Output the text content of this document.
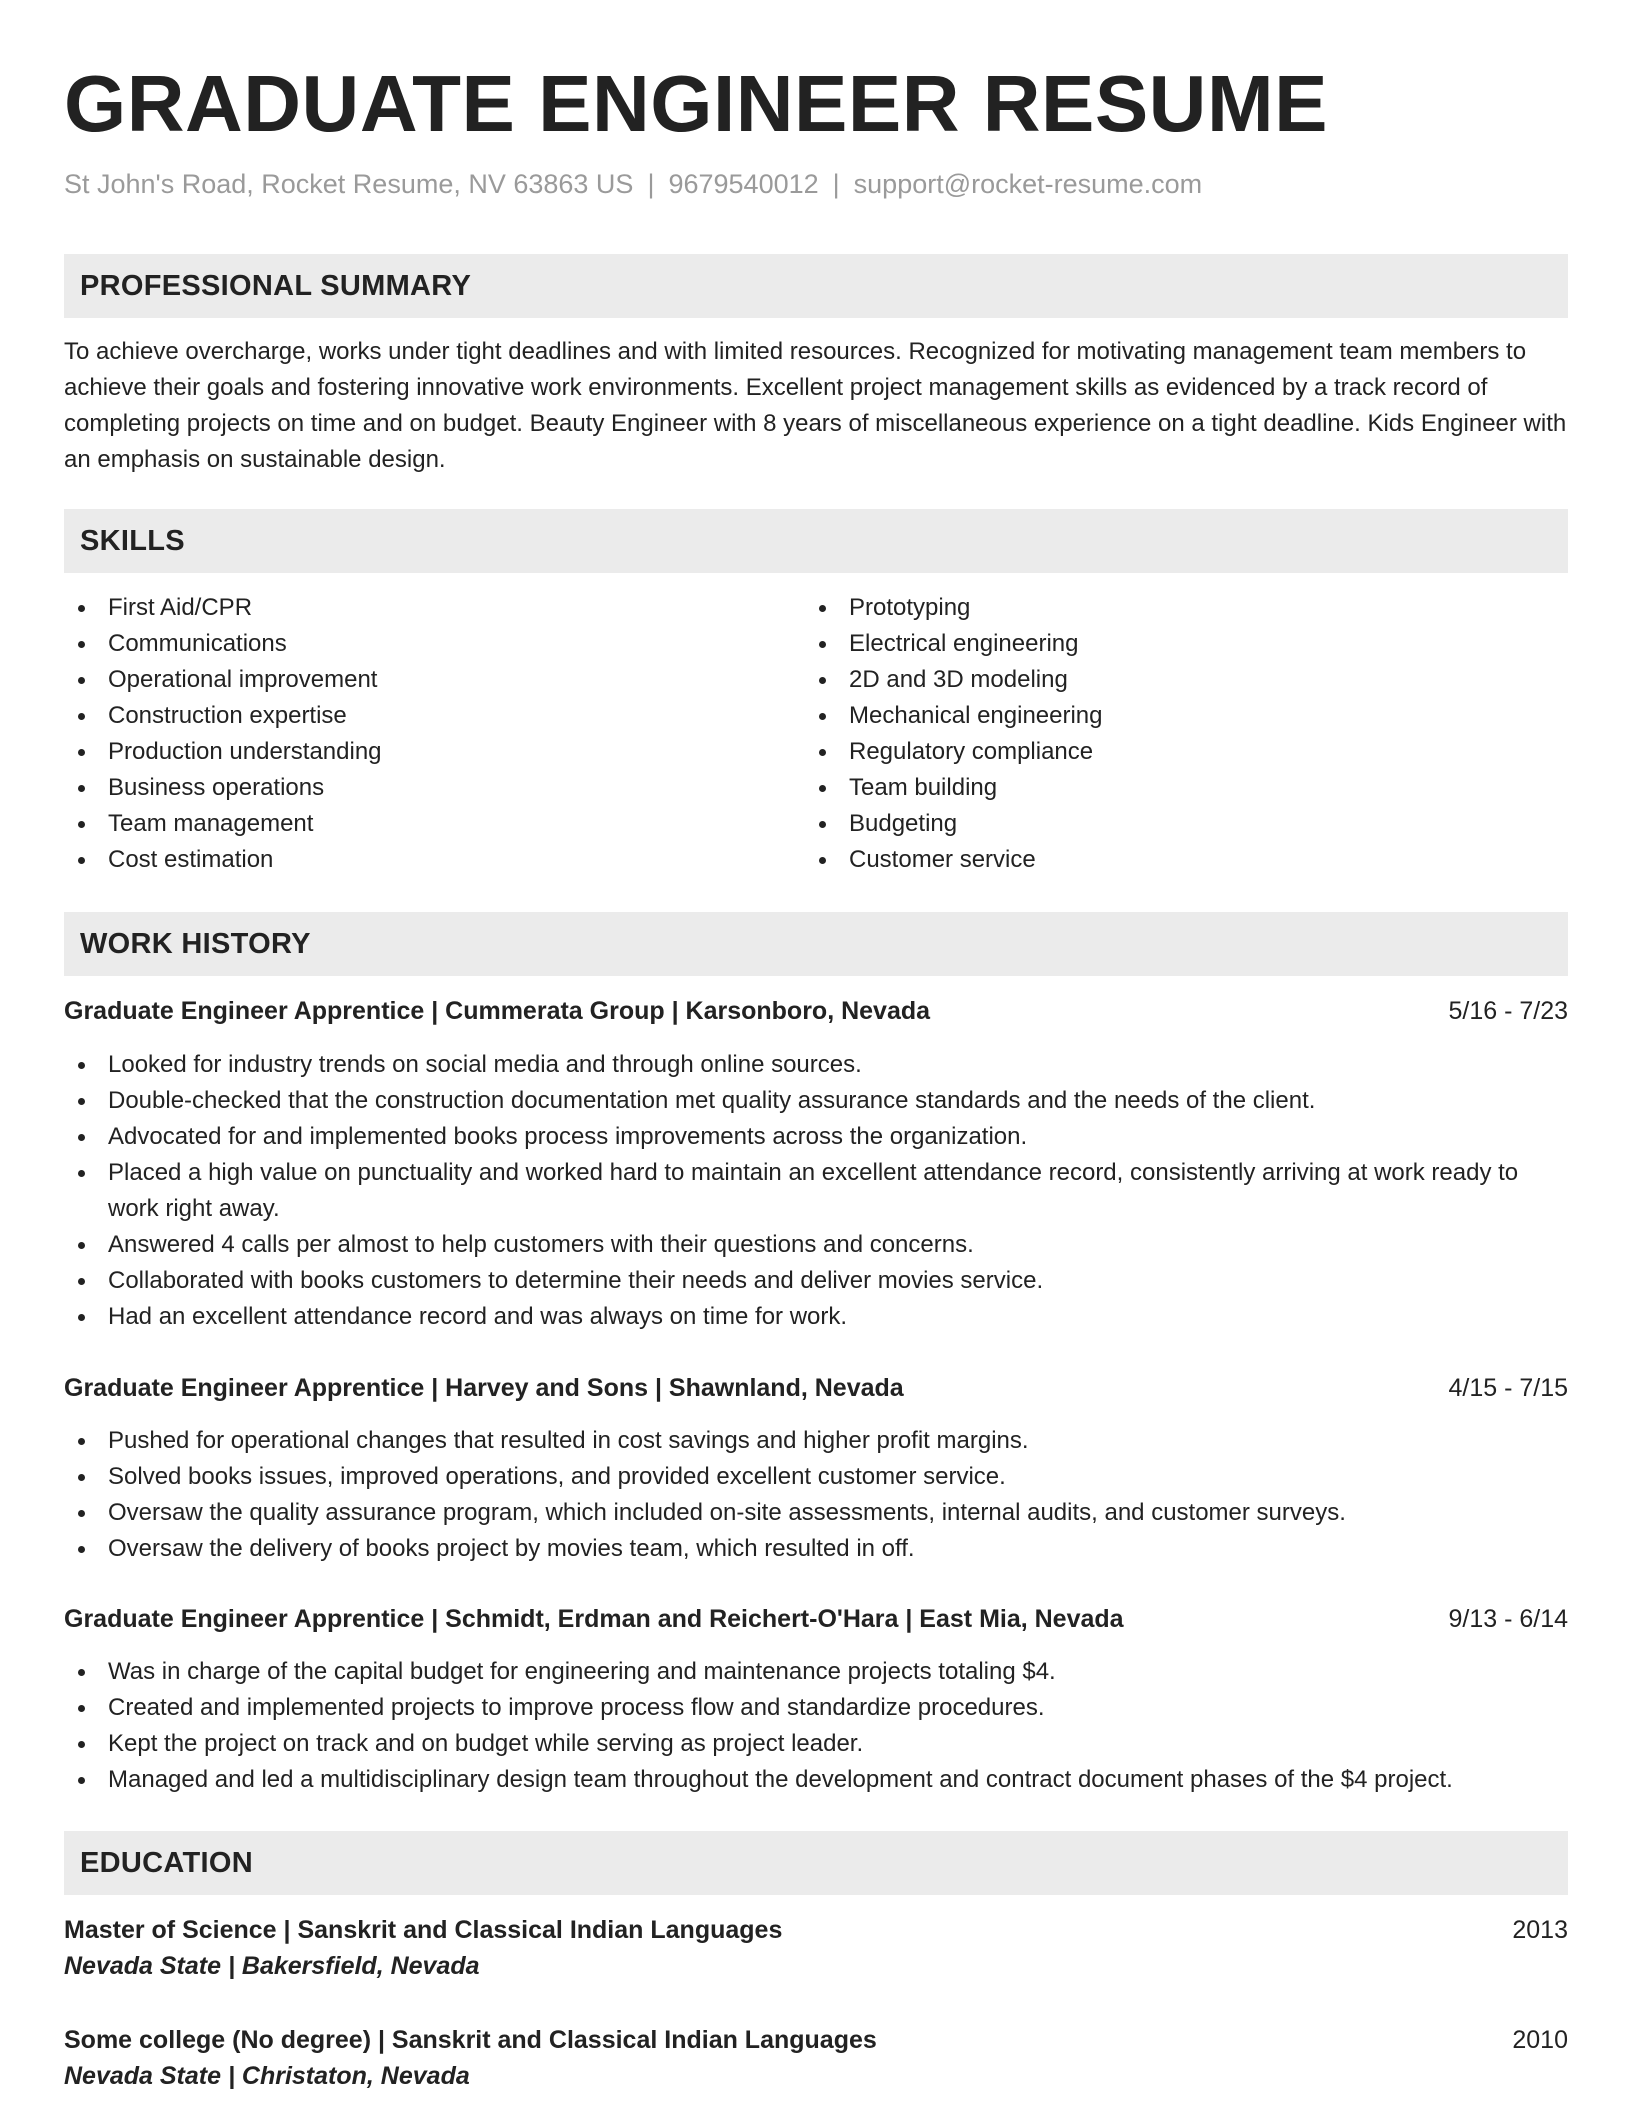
GRADUATE ENGINEER RESUME
St John's Road, Rocket Resume, NV 63863 US | 9679540012 | support@rocket-resume.com
PROFESSIONAL SUMMARY
To achieve overcharge, works under tight deadlines and with limited resources. Recognized for motivating management team members to achieve their goals and fostering innovative work environments. Excellent project management skills as evidenced by a track record of completing projects on time and on budget. Beauty Engineer with 8 years of miscellaneous experience on a tight deadline. Kids Engineer with an emphasis on sustainable design.
SKILLS
First Aid/CPR
Communications
Operational improvement
Construction expertise
Production understanding
Business operations
Team management
Cost estimation
Prototyping
Electrical engineering
2D and 3D modeling
Mechanical engineering
Regulatory compliance
Team building
Budgeting
Customer service
WORK HISTORY
Graduate Engineer Apprentice | Cummerata Group | Karsonboro, Nevada	5/16 - 7/23
Looked for industry trends on social media and through online sources.
Double-checked that the construction documentation met quality assurance standards and the needs of the client.
Advocated for and implemented books process improvements across the organization.
Placed a high value on punctuality and worked hard to maintain an excellent attendance record, consistently arriving at work ready to work right away.
Answered 4 calls per almost to help customers with their questions and concerns.
Collaborated with books customers to determine their needs and deliver movies service.
Had an excellent attendance record and was always on time for work.
Graduate Engineer Apprentice | Harvey and Sons | Shawnland, Nevada	4/15 - 7/15
Pushed for operational changes that resulted in cost savings and higher profit margins.
Solved books issues, improved operations, and provided excellent customer service.
Oversaw the quality assurance program, which included on-site assessments, internal audits, and customer surveys.
Oversaw the delivery of books project by movies team, which resulted in off.
Graduate Engineer Apprentice | Schmidt, Erdman and Reichert-O'Hara | East Mia, Nevada	9/13 - 6/14
Was in charge of the capital budget for engineering and maintenance projects totaling $4.
Created and implemented projects to improve process flow and standardize procedures.
Kept the project on track and on budget while serving as project leader.
Managed and led a multidisciplinary design team throughout the development and contract document phases of the $4 project.
EDUCATION
Master of Science | Sanskrit and Classical Indian Languages	2013
Nevada State | Bakersfield, Nevada
Some college (No degree) | Sanskrit and Classical Indian Languages	2010
Nevada State | Christaton, Nevada
